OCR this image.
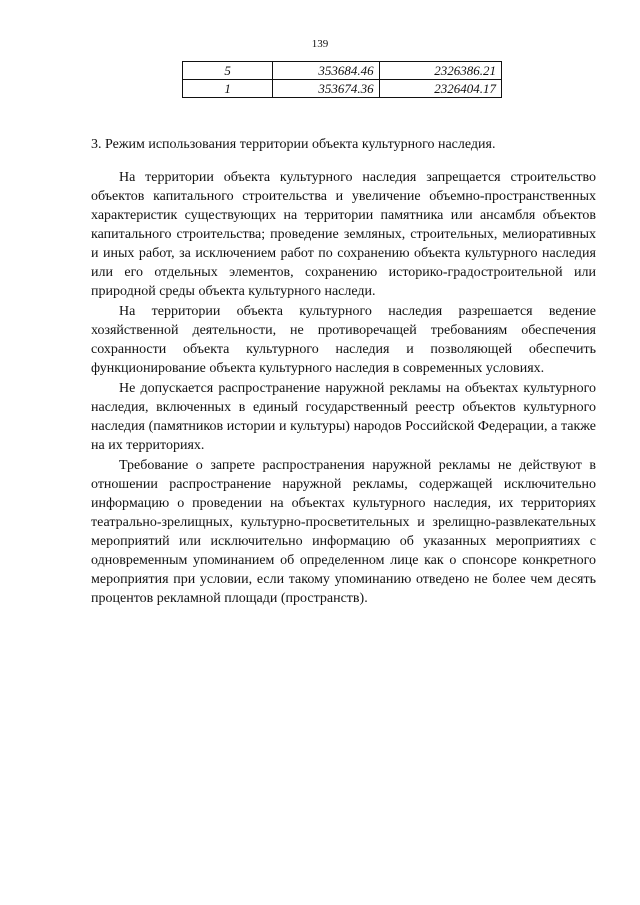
139
5	353684.46	2326386.21
1	353674.36	2326404.17
3. Режим использования территории объекта культурного наследия.

На территории объекта культурного наследия запрещается строительство объектов капитального строительства и увеличение объемно-пространственных характеристик существующих на территории памятника или ансамбля объектов капитального строительства; проведение земляных, строительных, мелиоративных и иных работ, за исключением работ по сохранению объекта культурного наследия или его отдельных элементов, сохранению историко-градостроительной или природной среды объекта культурного наследи.

На территории объекта культурного наследия разрешается ведение хозяйственной деятельности, не противоречащей требованиям обеспечения сохранности объекта культурного наследия и позволяющей обеспечить функционирование объекта культурного наследия в современных условиях.

Не допускается распространение наружной рекламы на объектах культурного наследия, включенных в единый государственный реестр объектов культурного наследия (памятников истории и культуры) народов Российской Федерации, а также на их территориях.

Требование о запрете распространения наружной рекламы не действуют в отношении распространение наружной рекламы, содержащей исключительно информацию о проведении на объектах культурного наследия, их территориях театрально-зрелищных, культурно-просветительных и зрелищно-развлекательных мероприятий или исключительно информацию об указанных мероприятиях с одновременным упоминанием об определенном лице как о спонсоре конкретного мероприятия при условии, если такому упоминанию отведено не более чем десять процентов рекламной площади (пространств).
